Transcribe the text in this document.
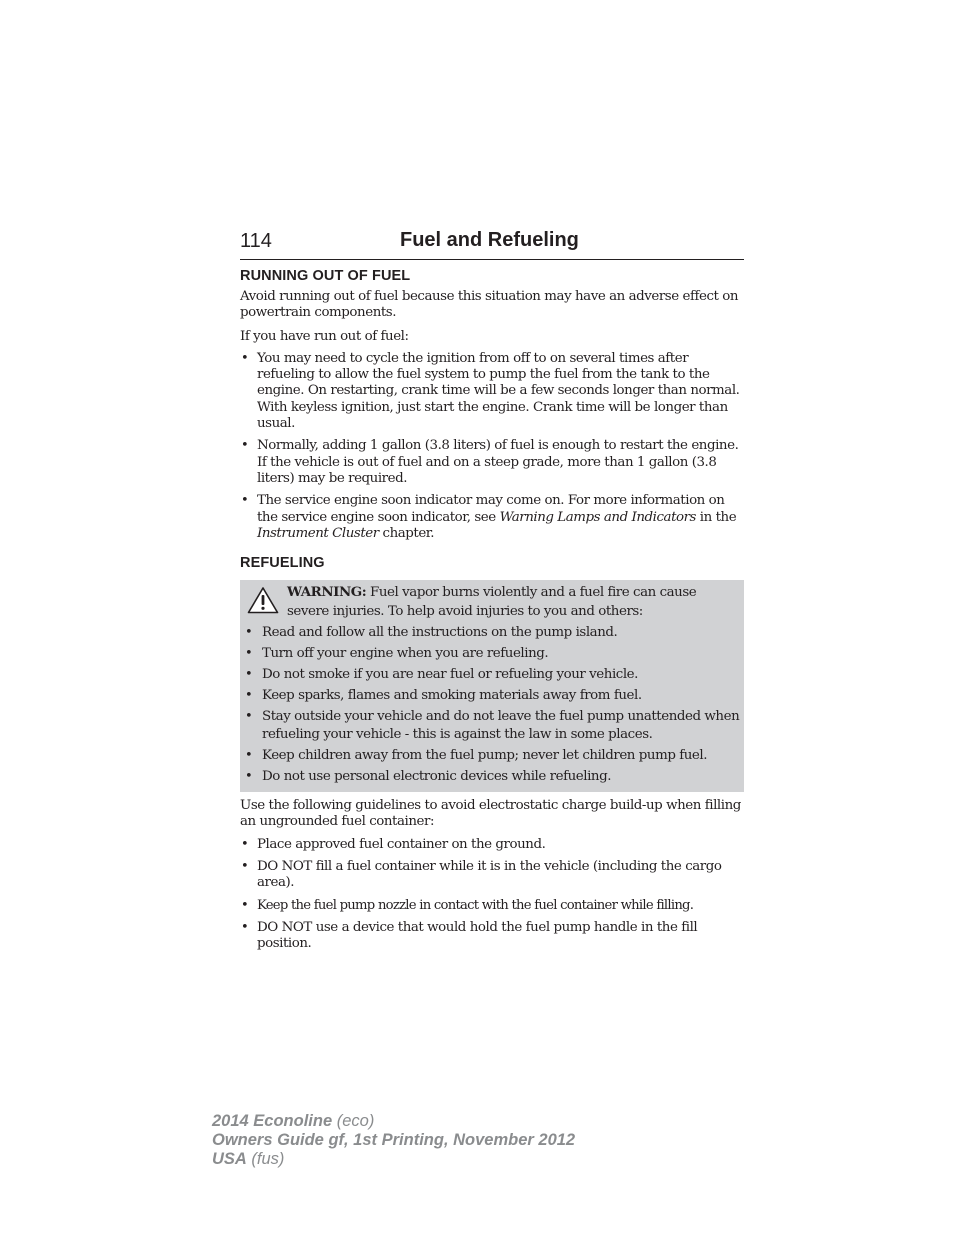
114	Fuel and Refueling
RUNNING OUT OF FUEL

Avoid running out of fuel because this situation may have an adverse effect on powertrain components.

If you have run out of fuel:

• You may need to cycle the ignition from off to on several times after refueling to allow the fuel system to pump the fuel from the tank to the engine. On restarting, crank time will be a few seconds longer than normal. With keyless ignition, just start the engine. Crank time will be longer than usual.
• Normally, adding 1 gallon (3.8 liters) of fuel is enough to restart the engine. If the vehicle is out of fuel and on a steep grade, more than 1 gallon (3.8 liters) may be required.
• The service engine soon indicator may come on. For more information on the service engine soon indicator, see Warning Lamps and Indicators in the Instrument Cluster chapter.
REFUELING
WARNING: Fuel vapor burns violently and a fuel fire can cause severe injuries. To help avoid injuries to you and others:
• Read and follow all the instructions on the pump island.
• Turn off your engine when you are refueling.
• Do not smoke if you are near fuel or refueling your vehicle.
• Keep sparks, flames and smoking materials away from fuel.
• Stay outside your vehicle and do not leave the fuel pump unattended when refueling your vehicle - this is against the law in some places.
• Keep children away from the fuel pump; never let children pump fuel.
• Do not use personal electronic devices while refueling.

Use the following guidelines to avoid electrostatic charge build-up when filling an ungrounded fuel container:

• Place approved fuel container on the ground.
• DO NOT fill a fuel container while it is in the vehicle (including the cargo area).
• Keep the fuel pump nozzle in contact with the fuel container while filling.
• DO NOT use a device that would hold the fuel pump handle in the fill position.
2014 Econoline (eco)
Owners Guide gf, 1st Printing, November 2012
USA (fus)
